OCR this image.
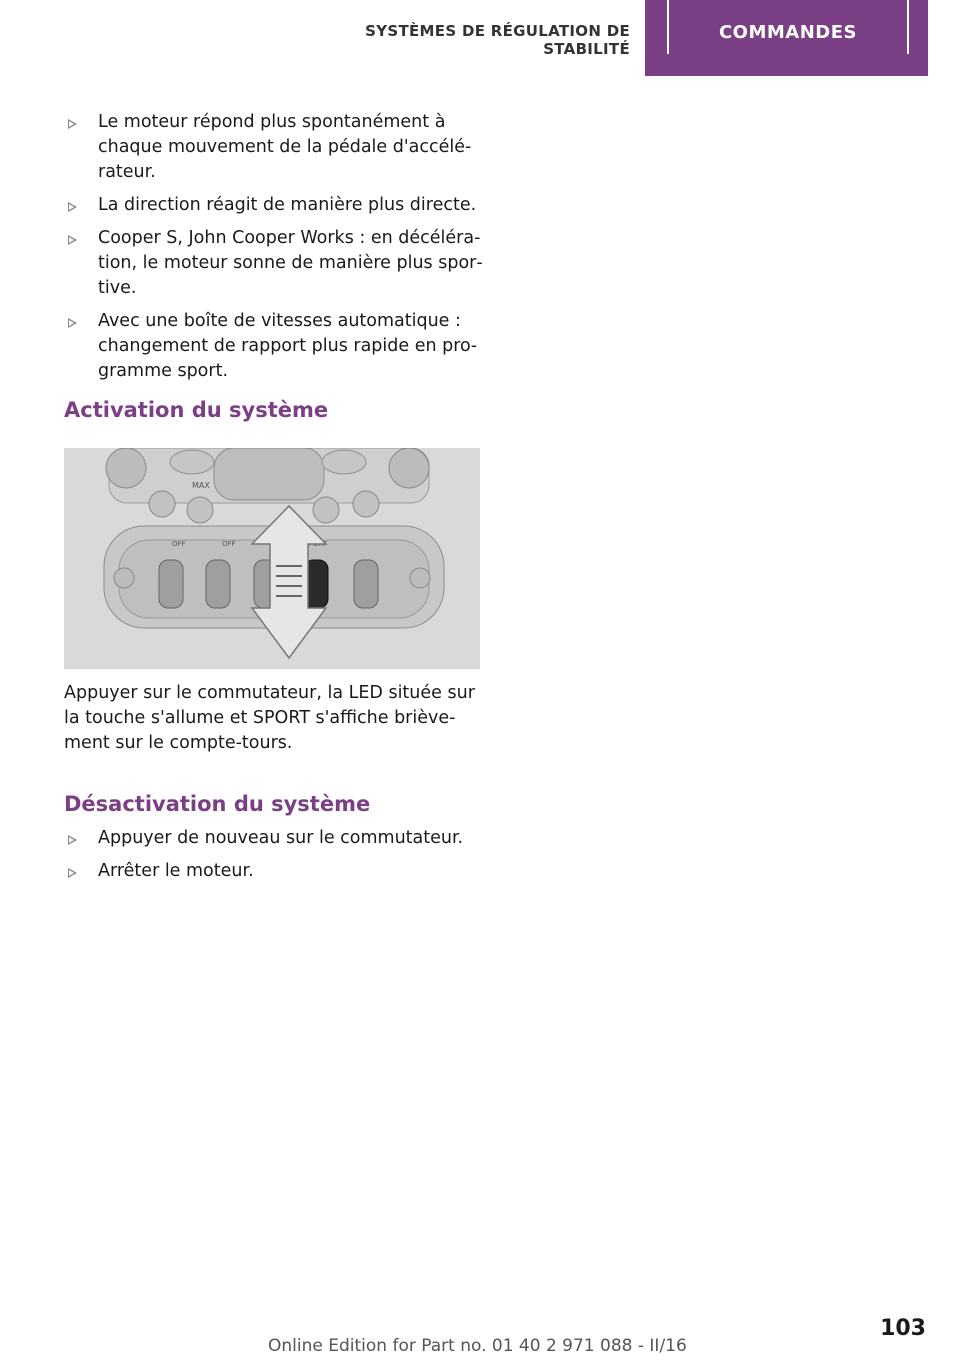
SYSTÈMES DE RÉGULATION DE STABILITÉ
COMMANDES
Le moteur répond plus spontanément à chaque mouvement de la pédale d'accélérateur.
La direction réagit de manière plus directe.
Cooper S, John Cooper Works : en décélération, le moteur sonne de manière plus sportive.
Avec une boîte de vitesses automatique : changement de rapport plus rapide en programme sport.
Activation du système
MAX
OFF	OFF
Appuyer sur le commutateur, la LED située sur la touche s'allume et SPORT s'affiche brièvement sur le compte-tours.
Désactivation du système
Appuyer de nouveau sur le commutateur.
Arrêter le moteur.
103
Online Edition for Part no. 01 40 2 971 088 - II/16
